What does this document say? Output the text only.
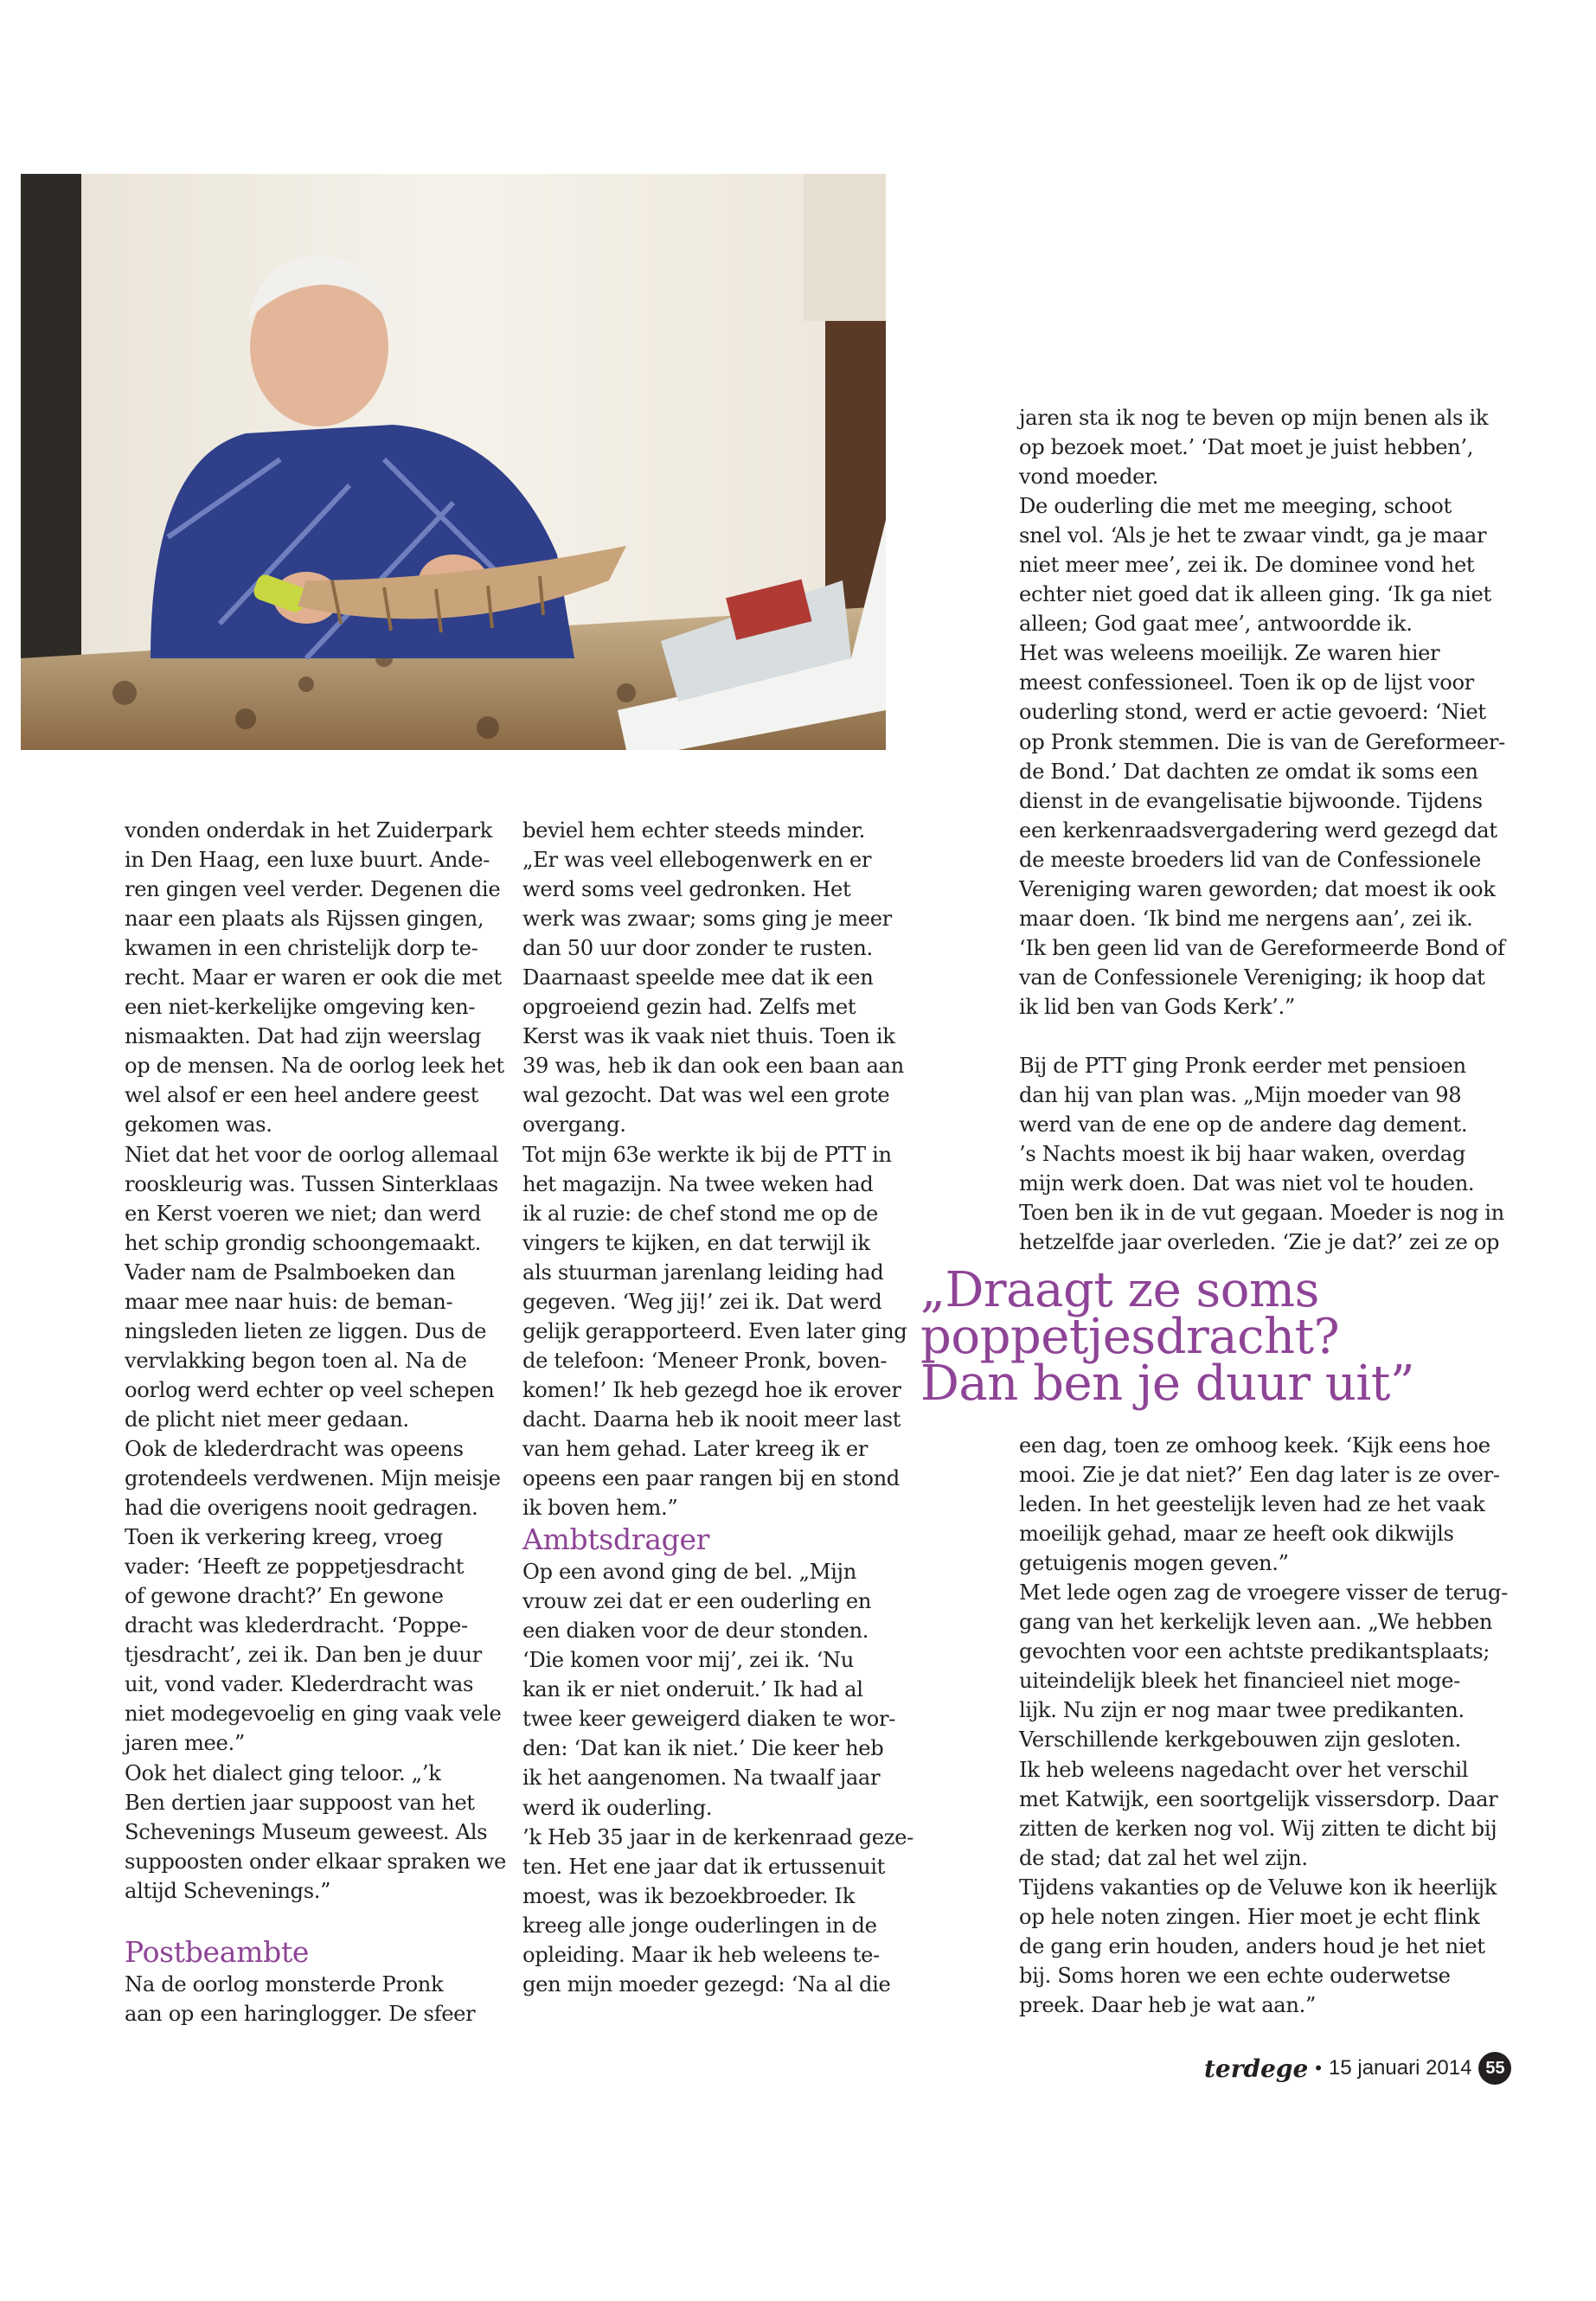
vonden onderdak in het Zuiderpark
in Den Haag, een luxe buurt. Ande-
ren gingen veel verder. Degenen die
naar een plaats als Rijssen gingen,
kwamen in een christelijk dorp te-
recht. Maar er waren er ook die met
een niet-kerkelijke omgeving ken-
nismaakten. Dat had zijn weerslag
op de mensen. Na de oorlog leek het
wel alsof er een heel andere geest
gekomen was.

Niet dat het voor de oorlog allemaal
rooskleurig was. Tussen Sinterklaas
en Kerst voeren we niet; dan werd
het schip grondig schoongemaakt.
Vader nam de Psalmboeken dan
maar mee naar huis: de beman-
ningsleden lieten ze liggen. Dus de
vervlakking begon toen al. Na de
oorlog werd echter op veel schepen
de plicht niet meer gedaan.

Ook de klederdracht was opeens
grotendeels verdwenen. Mijn meisje
had die overigens nooit gedragen.
Toen ik verkering kreeg, vroeg
vader: ‘Heeft ze poppetjesdracht
of gewone dracht?’ En gewone
dracht was klederdracht. ‘Poppe-
tjesdracht’, zei ik. Dan ben je duur
uit, vond vader. Klederdracht was
niet modegevoelig en ging vaak vele
jaren mee.”

Ook het dialect ging teloor. „’k
Ben dertien jaar suppoost van het
Schevenings Museum geweest. Als
suppoosten onder elkaar spraken we
altijd Schevenings.”

Postbeambte

Na de oorlog monsterde Pronk
aan op een haringlogger. De sfeer

beviel hem echter steeds minder.
„Er was veel ellebogenwerk en er
werd soms veel gedronken. Het
werk was zwaar; soms ging je meer
dan 50 uur door zonder te rusten.
Daarnaast speelde mee dat ik een
opgroeiend gezin had. Zelfs met
Kerst was ik vaak niet thuis. Toen ik
39 was, heb ik dan ook een baan aan
wal gezocht. Dat was wel een grote
overgang.

Tot mijn 63e werkte ik bij de PTT in
het magazijn. Na twee weken had
ik al ruzie: de chef stond me op de
vingers te kijken, en dat terwijl ik
als stuurman jarenlang leiding had
gegeven. ‘Weg jij!’ zei ik. Dat werd
gelijk gerapporteerd. Even later ging
de telefoon: ‘Meneer Pronk, boven-
komen!’ Ik heb gezegd hoe ik erover
dacht. Daarna heb ik nooit meer last
van hem gehad. Later kreeg ik er
opeens een paar rangen bij en stond
ik boven hem.”

Ambtsdrager

Op een avond ging de bel. „Mijn
vrouw zei dat er een ouderling en
een diaken voor de deur stonden.
‘Die komen voor mij’, zei ik. ‘Nu
kan ik er niet onderuit.’ Ik had al
twee keer geweigerd diaken te wor-
den: ‘Dat kan ik niet.’ Die keer heb
ik het aangenomen. Na twaalf jaar
werd ik ouderling.

’k Heb 35 jaar in de kerkenraad geze-
ten. Het ene jaar dat ik ertussenuit
moest, was ik bezoekbroeder. Ik
kreeg alle jonge ouderlingen in de
opleiding. Maar ik heb weleens te-
gen mijn moeder gezegd: ‘Na al die

jaren sta ik nog te beven op mijn benen als ik
op bezoek moet.’ ‘Dat moet je juist hebben’,
vond moeder.

De ouderling die met me meeging, schoot
snel vol. ‘Als je het te zwaar vindt, ga je maar
niet meer mee’, zei ik. De dominee vond het
echter niet goed dat ik alleen ging. ‘Ik ga niet
alleen; God gaat mee’, antwoordde ik.

Het was weleens moeilijk. Ze waren hier
meest confessioneel. Toen ik op de lijst voor
ouderling stond, werd er actie gevoerd: ‘Niet
op Pronk stemmen. Die is van de Gereformeer-
de Bond.’ Dat dachten ze omdat ik soms een
dienst in de evangelisatie bijwoonde. Tijdens
een kerkenraadsvergadering werd gezegd dat
de meeste broeders lid van de Confessionele
Vereniging waren geworden; dat moest ik ook
maar doen. ‘Ik bind me nergens aan’, zei ik.
‘Ik ben geen lid van de Gereformeerde Bond of
van de Confessionele Vereniging; ik hoop dat
ik lid ben van Gods Kerk’.”

Bij de PTT ging Pronk eerder met pensioen
dan hij van plan was. „Mijn moeder van 98
werd van de ene op de andere dag dement.
’s Nachts moest ik bij haar waken, overdag
mijn werk doen. Dat was niet vol te houden.
Toen ben ik in de vut gegaan. Moeder is nog in
hetzelfde jaar overleden. ‘Zie je dat?’ zei ze op

„Draagt ze soms
poppetjesdracht?
Dan ben je duur uit”

een dag, toen ze omhoog keek. ‘Kijk eens hoe
mooi. Zie je dat niet?’ Een dag later is ze over-
leden. In het geestelijk leven had ze het vaak
moeilijk gehad, maar ze heeft ook dikwijls
getuigenis mogen geven.”

Met lede ogen zag de vroegere visser de terug-
gang van het kerkelijk leven aan. „We hebben
gevochten voor een achtste predikantsplaats;
uiteindelijk bleek het financieel niet moge-
lijk. Nu zijn er nog maar twee predikanten.
Verschillende kerkgebouwen zijn gesloten.

Ik heb weleens nagedacht over het verschil
met Katwijk, een soortgelijk vissersdorp. Daar
zitten de kerken nog vol. Wij zitten te dicht bij
de stad; dat zal het wel zijn.

Tijdens vakanties op de Veluwe kon ik heerlijk
op hele noten zingen. Hier moet je echt flink
de gang erin houden, anders houd je het niet
bij. Soms horen we een echte ouderwetse
preek. Daar heb je wat aan.”

terdege • 15 januari 2014 55
